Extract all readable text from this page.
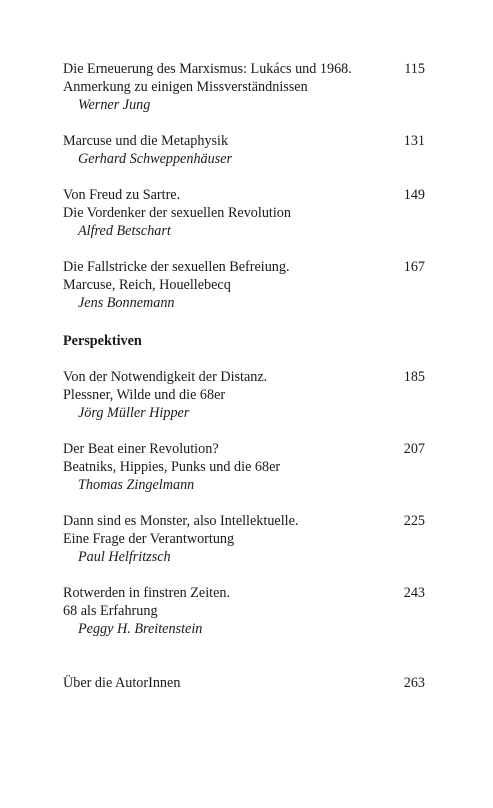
Die Erneuerung des Marxismus: Lukács und 1968.
Anmerkung zu einigen Missverständnissen
Werner Jung
115
Marcuse und die Metaphysik
Gerhard Schweppenhäuser
131
Von Freud zu Sartre.
Die Vordenker der sexuellen Revolution
Alfred Betschart
149
Die Fallstricke der sexuellen Befreiung.
Marcuse, Reich, Houellebecq
Jens Bonnemann
167
Perspektiven
Von der Notwendigkeit der Distanz.
Plessner, Wilde und die 68er
Jörg Müller Hipper
185
Der Beat einer Revolution?
Beatniks, Hippies, Punks und die 68er
Thomas Zingelmann
207
Dann sind es Monster, also Intellektuelle.
Eine Frage der Verantwortung
Paul Helfritzsch
225
Rotwerden in finstren Zeiten.
68 als Erfahrung
Peggy H. Breitenstein
243
Über die AutorInnen	263
